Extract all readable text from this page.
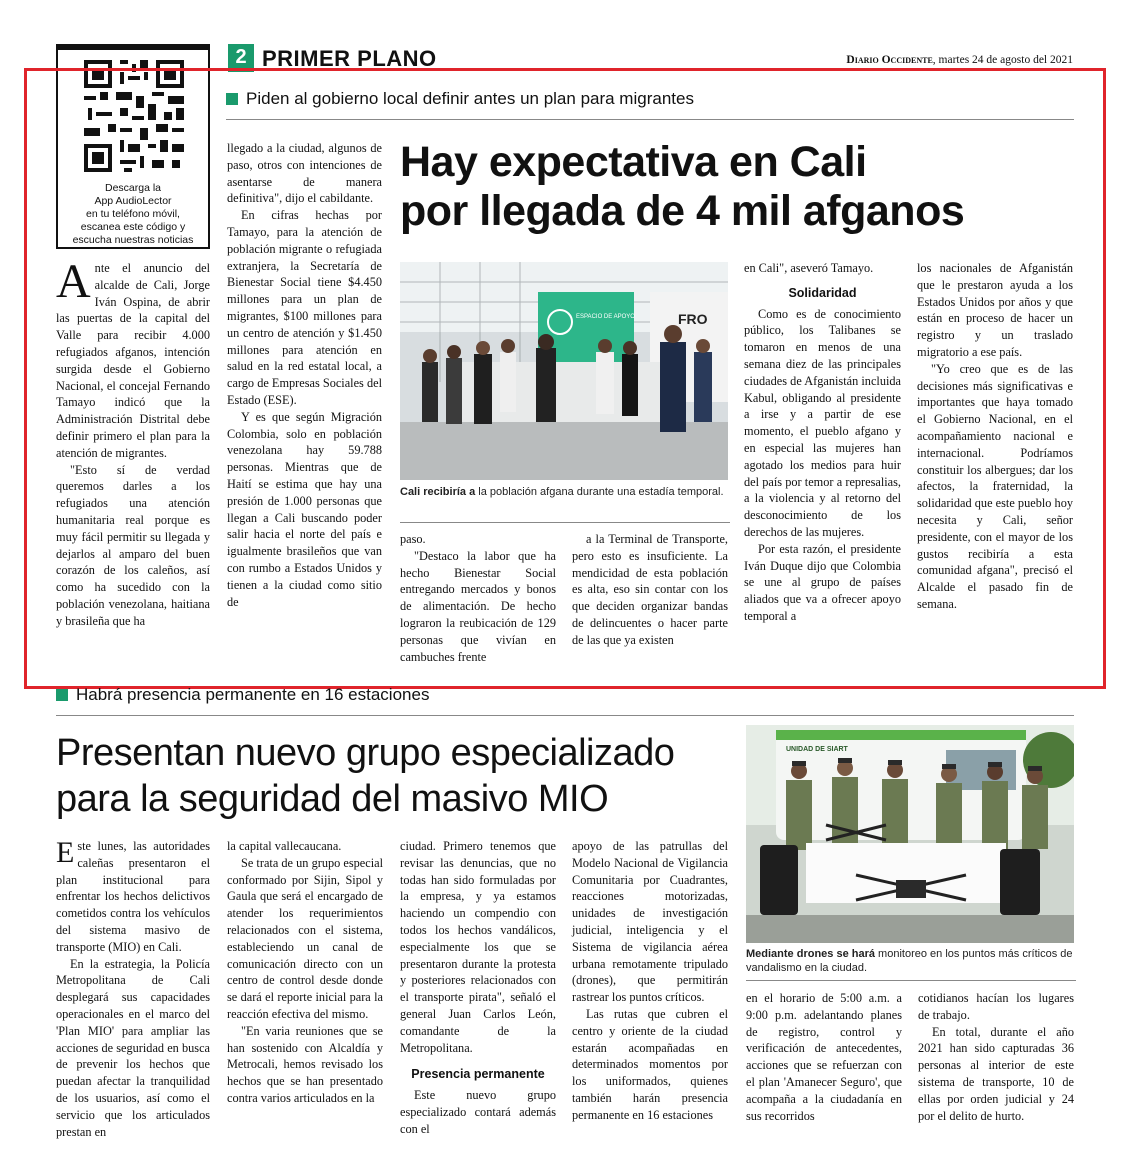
Descarga la
App AudioLector
en tu teléfono móvil,
escanea este código y
escucha nuestras noticias
2 PRIMER PLANO	Diario Occidente, martes 24 de agosto del 2021
Piden al gobierno local definir antes un plan para migrantes
Hay expectativa en Cali
por llegada de 4 mil afganos

Ante el anuncio del alcalde de Cali, Jorge Iván Ospina, de abrir las puertas de la capital del Valle para recibir 4.000 refugiados afganos, intención surgida desde el Gobierno Nacional, el concejal Fernando Tamayo indicó que la Administración Distrital debe definir primero el plan para la atención de migrantes.

"Esto sí de verdad queremos darles a los refugiados una atención humanitaria real porque es muy fácil permitir su llegada y dejarlos al amparo del buen corazón de los caleños, así como ha sucedido con la población venezolana, haitiana y brasileña que ha

llegado a la ciudad, algunos de paso, otros con intenciones de asentarse de manera definitiva", dijo el cabildante.

En cifras hechas por Tamayo, para la atención de población migrante o refugiada extranjera, la Secretaría de Bienestar Social tiene $4.450 millones para un plan de migrantes, $100 millones para un centro de atención y $1.450 millones para atención en salud en la red estatal local, a cargo de Empresas Sociales del Estado (ESE).

Y es que según Migración Colombia, solo en población venezolana hay 59.788 personas. Mientras que de Haití se estima que hay una presión de 1.000 personas que llegan a Cali buscando poder salir hacia el norte del país e igualmente brasileños que van con rumbo a Estados Unidos y tienen a la ciudad como sitio de

FRO
ESPACIO DE APOYO
Cali recibiría a la población afgana durante una estadía temporal.

paso.

"Destaco la labor que ha hecho Bienestar Social entregando mercados y bonos de alimentación. De hecho lograron la reubicación de 129 personas que vivían en cambuches frente

a la Terminal de Transporte, pero esto es insuficiente. La mendicidad de esta población es alta, eso sin contar con los que deciden organizar bandas de delincuentes o hacer parte de las que ya existen

en Cali", aseveró Tamayo.

Solidaridad

Como es de conocimiento público, los Talibanes se tomaron en menos de una semana diez de las principales ciudades de Afganistán incluida Kabul, obligando al presidente a irse y a partir de ese momento, el pueblo afgano y en especial las mujeres han agotado los medios para huir del país por temor a represalias, a la violencia y al retorno del desconocimiento de los derechos de las mujeres.

Por esta razón, el presidente Iván Duque dijo que Colombia se une al grupo de países aliados que va a ofrecer apoyo temporal a

los nacionales de Afganistán que le prestaron ayuda a los Estados Unidos por años y que están en proceso de hacer un registro y un traslado migratorio a ese país.

"Yo creo que es de las decisiones más significativas e importantes que haya tomado el Gobierno Nacional, en el acompañamiento nacional e internacional. Podríamos constituir los albergues; dar los afectos, la fraternidad, la solidaridad que este pueblo hoy necesita y Cali, señor presidente, con el mayor de los gustos recibiría a esta comunidad afgana", precisó el Alcalde el pasado fin de semana.

Habrá presencia permanente en 16 estaciones
Presentan nuevo grupo especializado
para la seguridad del masivo MIO
UNIDAD DE SIART
Mediante drones se hará monitoreo en los puntos más críticos de vandalismo en la ciudad.

Este lunes, las autoridades caleñas presentaron el plan institucional para enfrentar los hechos delictivos cometidos contra los vehículos del sistema masivo de transporte (MIO) en Cali.

En la estrategia, la Policía Metropolitana de Cali desplegará sus capacidades operacionales en el marco del 'Plan MIO' para ampliar las acciones de seguridad en busca de prevenir los hechos que puedan afectar la tranquilidad de los usuarios, así como el servicio que los articulados prestan en

la capital vallecaucana.

Se trata de un grupo especial conformado por Sijin, Sipol y Gaula que será el encargado de atender los requerimientos relacionados con el sistema, estableciendo un canal de comunicación directo con un centro de control desde donde se dará el reporte inicial para la reacción efectiva del mismo.

"En varia reuniones que se han sostenido con Alcaldía y Metrocali, hemos revisado los hechos que se han presentado contra varios articulados en la

ciudad. Primero tenemos que revisar las denuncias, que no todas han sido formuladas por la empresa, y ya estamos haciendo un compendio con todos los hechos vandálicos, especialmente los que se presentaron durante la protesta y posteriores relacionados con el transporte pirata", señaló el general Juan Carlos León, comandante de la Metropolitana.

Presencia permanente

Este nuevo grupo especializado contará además con el

apoyo de las patrullas del Modelo Nacional de Vigilancia Comunitaria por Cuadrantes, reacciones motorizadas, unidades de investigación judicial, inteligencia y el Sistema de vigilancia aérea urbana remotamente tripulado (drones), que permitirán rastrear los puntos críticos.

Las rutas que cubren el centro y oriente de la ciudad estarán acompañadas en determinados momentos por los uniformados, quienes también harán presencia permanente en 16 estaciones

en el horario de 5:00 a.m. a 9:00 p.m. adelantando planes de registro, control y verificación de antecedentes, acciones que se refuerzan con el plan 'Amanecer Seguro', que acompaña a la ciudadanía en sus recorridos

cotidianos hacían los lugares de trabajo.

En total, durante el año 2021 han sido capturadas 36 personas al interior de este sistema de transporte, 10 de ellas por orden judicial y 24 por el delito de hurto.
